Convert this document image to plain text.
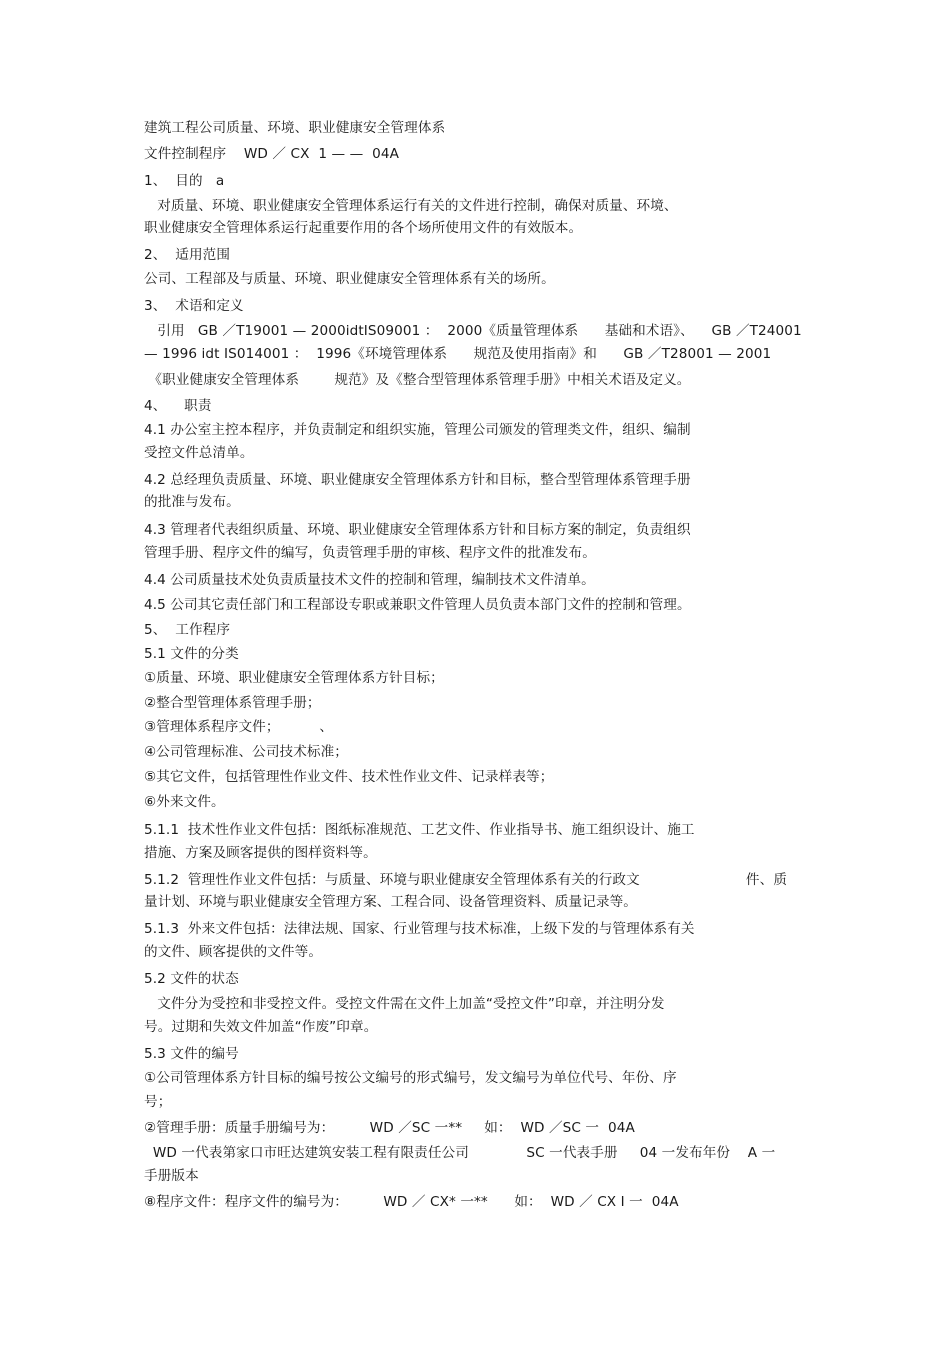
建筑工程公司质量、环境、职业健康安全管理体系
文件控制程序    WD ／ CX  1 — —  04A
1、  目的   a
对质量、环境、职业健康安全管理体系运行有关的文件进行控制，确保对质量、环境、
职业健康安全管理体系运行起重要作用的各个场所使用文件的有效版本。
2、  适用范围
公司、工程部及与质量、环境、职业健康安全管理体系有关的场所。
3、  术语和定义
引用   GB ／T19001 — 2000idtIS09001 ：  2000《质量管理体系      基础和术语》、    GB ／T24001
— 1996 idt IS014001 ：  1996《环境管理体系      规范及使用指南》和      GB ／T28001 — 2001
《职业健康安全管理体系        规范》及《整合型管理体系管理手册》中相关术语及定义。
4、    职责
4.1 办公室主控本程序，并负责制定和组织实施，管理公司颁发的管理类文件，组织、编制
受控文件总清单。
4.2 总经理负责质量、环境、职业健康安全管理体系方针和目标，整合型管理体系管理手册
的批准与发布。
4.3 管理者代表组织质量、环境、职业健康安全管理体系方针和目标方案的制定，负责组织
管理手册、程序文件的编写，负责管理手册的审核、程序文件的批准发布。
4.4 公司质量技术处负责质量技术文件的控制和管理，编制技术文件清单。
4.5 公司其它责任部门和工程部设专职或兼职文件管理人员负责本部门文件的控制和管理。
5、  工作程序
5.1 文件的分类
①质量、环境、职业健康安全管理体系方针目标；
②整合型管理体系管理手册；
③管理体系程序文件；         、
④公司管理标准、公司技术标准；
⑤其它文件，包括管理性作业文件、技术性作业文件、记录样表等；
⑥外来文件。
5.1.1  技术性作业文件包括：图纸标准规范、工艺文件、作业指导书、施工组织设计、施工
措施、方案及顾客提供的图样资料等。
5.1.2  管理性作业文件包括：与质量、环境与职业健康安全管理体系有关的行政文                        件、质
量计划、环境与职业健康安全管理方案、工程合同、设备管理资料、质量记录等。
5.1.3  外来文件包括：法律法规、国家、行业管理与技术标准，上级下发的与管理体系有关
的文件、顾客提供的文件等。
5.2 文件的状态
文件分为受控和非受控文件。受控文件需在文件上加盖“受控文件”印章，并注明分发
号。过期和失效文件加盖“作废”印章。
5.3 文件的编号
①公司管理体系方针目标的编号按公文编号的形式编号，发文编号为单位代号、年份、序
号；
②管理手册：质量手册编号为：        WD ／SC 一**     如：  WD ／SC 一  04A
WD 一代表第家口市旺达建筑安装工程有限责任公司             SC 一代表手册     04 一发布年份    A 一
手册版本
⑧程序文件：程序文件的编号为：        WD ／ CX* 一**      如：  WD ／ CX I 一  04A
